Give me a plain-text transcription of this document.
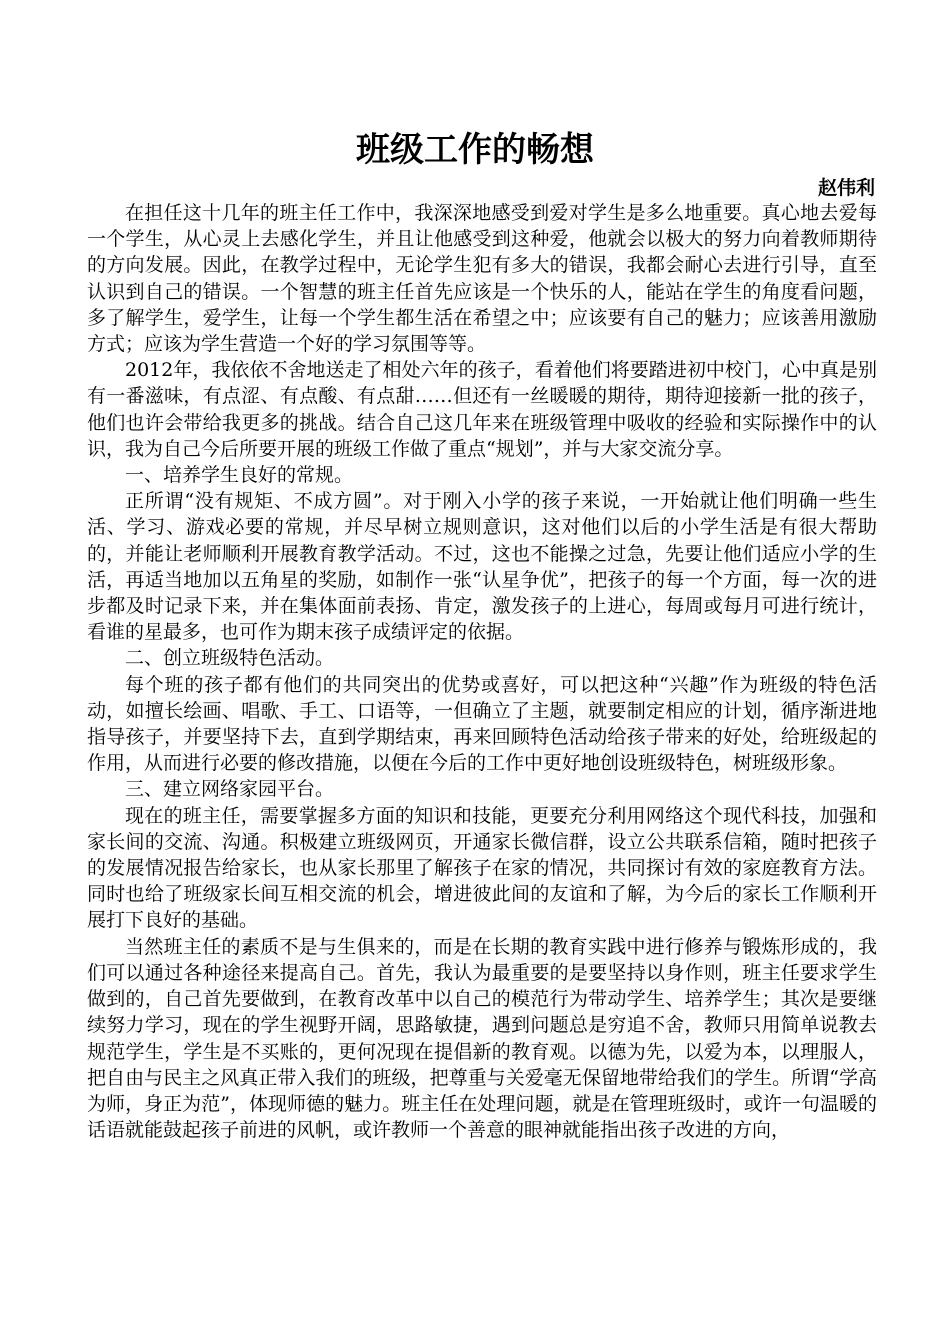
班级工作的畅想
赵伟利

在担任这十几年的班主任工作中，我深深地感受到爱对学生是多么地重要。真心地去爱每一个学生，从心灵上去感化学生，并且让他感受到这种爱，他就会以极大的努力向着教师期待的方向发展。因此，在教学过程中，无论学生犯有多大的错误，我都会耐心去进行引导，直至认识到自己的错误。一个智慧的班主任首先应该是一个快乐的人，能站在学生的角度看问题，多了解学生，爱学生，让每一个学生都生活在希望之中；应该要有自己的魅力；应该善用激励方式；应该为学生营造一个好的学习氛围等等。

2012年，我依依不舍地送走了相处六年的孩子，看着他们将要踏进初中校门，心中真是别有一番滋味，有点涩、有点酸、有点甜……但还有一丝暖暖的期待，期待迎接新一批的孩子，他们也许会带给我更多的挑战。结合自己这几年来在班级管理中吸收的经验和实际操作中的认识，我为自己今后所要开展的班级工作做了重点“规划”，并与大家交流分享。

一、培养学生良好的常规。

正所谓“没有规矩、不成方圆”。对于刚入小学的孩子来说，一开始就让他们明确一些生活、学习、游戏必要的常规，并尽早树立规则意识，这对他们以后的小学生活是有很大帮助的，并能让老师顺利开展教育教学活动。不过，这也不能操之过急，先要让他们适应小学的生活，再适当地加以五角星的奖励，如制作一张“认星争优”，把孩子的每一个方面，每一次的进步都及时记录下来，并在集体面前表扬、肯定，激发孩子的上进心，每周或每月可进行统计，看谁的星最多，也可作为期末孩子成绩评定的依据。

二、创立班级特色活动。

每个班的孩子都有他们的共同突出的优势或喜好，可以把这种“兴趣”作为班级的特色活动，如擅长绘画、唱歌、手工、口语等，一但确立了主题，就要制定相应的计划，循序渐进地指导孩子，并要坚持下去，直到学期结束，再来回顾特色活动给孩子带来的好处，给班级起的作用，从而进行必要的修改措施，以便在今后的工作中更好地创设班级特色，树班级形象。

三、建立网络家园平台。

现在的班主任，需要掌握多方面的知识和技能，更要充分利用网络这个现代科技，加强和家长间的交流、沟通。积极建立班级网页，开通家长微信群，设立公共联系信箱，随时把孩子的发展情况报告给家长，也从家长那里了解孩子在家的情况，共同探讨有效的家庭教育方法。同时也给了班级家长间互相交流的机会，增进彼此间的友谊和了解，为今后的家长工作顺利开展打下良好的基础。

当然班主任的素质不是与生俱来的，而是在长期的教育实践中进行修养与锻炼形成的，我们可以通过各种途径来提高自己。首先，我认为最重要的是要坚持以身作则，班主任要求学生做到的，自己首先要做到，在教育改革中以自己的模范行为带动学生、培养学生；其次是要继续努力学习，现在的学生视野开阔，思路敏捷，遇到问题总是穷追不舍，教师只用简单说教去规范学生，学生是不买账的，更何况现在提倡新的教育观。以德为先，以爱为本，以理服人，把自由与民主之风真正带入我们的班级，把尊重与关爱毫无保留地带给我们的学生。所谓“学高为师，身正为范”，体现师德的魅力。班主任在处理问题，就是在管理班级时，或许一句温暖的话语就能鼓起孩子前进的风帆，或许教师一个善意的眼神就能指出孩子改进的方向，
